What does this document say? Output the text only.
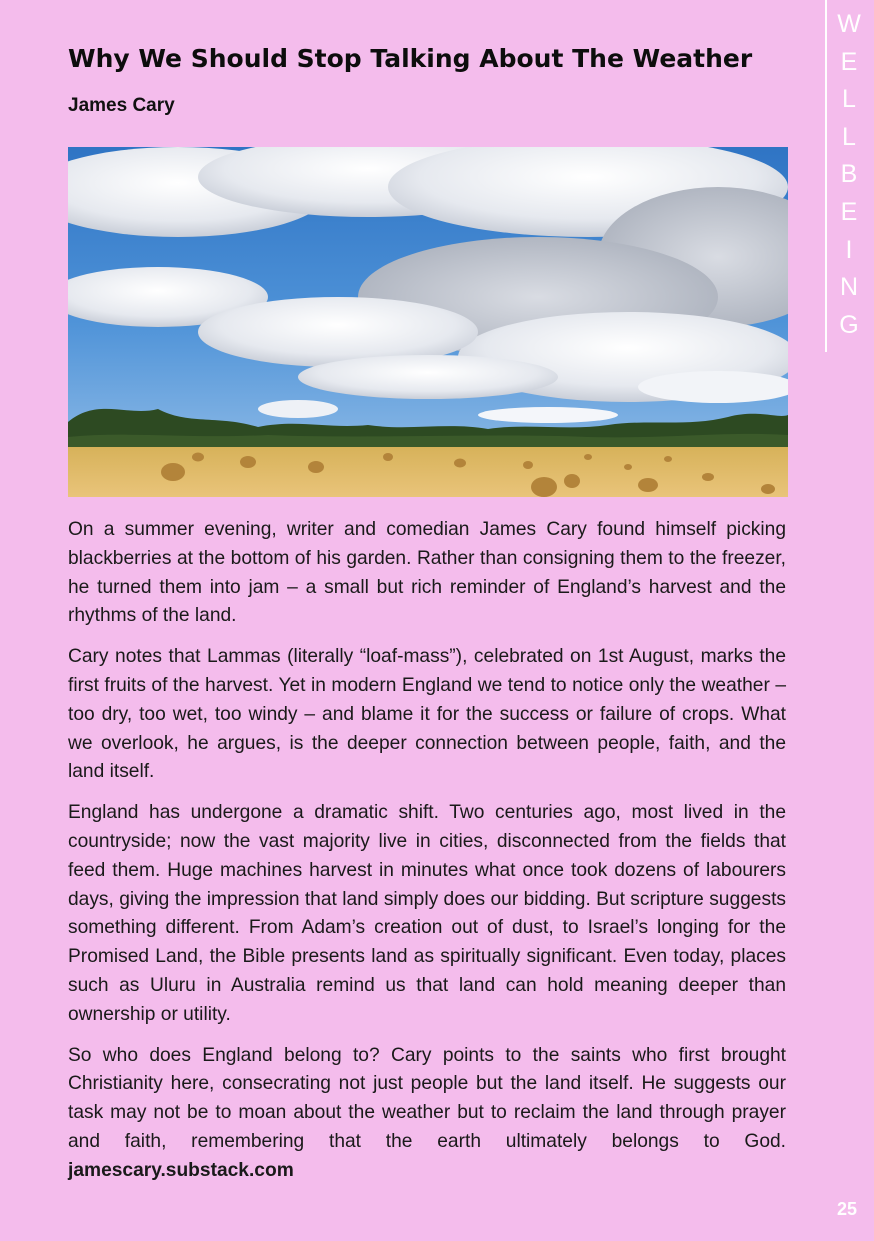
Why We Should Stop Talking About The Weather
James Cary

On a summer evening, writer and comedian James Cary found himself picking blackberries at the bottom of his garden. Rather than consigning them to the freezer, he turned them into jam – a small but rich reminder of England’s harvest and the rhythms of the land.

Cary notes that Lammas (literally “loaf-mass”), celebrated on 1st August, marks the first fruits of the harvest. Yet in modern England we tend to notice only the weather – too dry, too wet, too windy – and blame it for the success or failure of crops. What we overlook, he argues, is the deeper connection between people, faith, and the land itself.

England has undergone a dramatic shift. Two centuries ago, most lived in the countryside; now the vast majority live in cities, disconnected from the fields that feed them. Huge machines harvest in minutes what once took dozens of labourers days, giving the impression that land simply does our bidding. But scripture suggests something different. From Adam’s creation out of dust, to Israel’s longing for the Promised Land, the Bible presents land as spiritually significant. Even today, places such as Uluru in Australia remind us that land can hold meaning deeper than ownership or utility.

So who does England belong to? Cary points to the saints who first brought Christianity here, consecrating not just people but the land itself. He suggests our task may not be to moan about the weather but to reclaim the land through prayer and faith, remembering that the earth ultimately belongs to God. jamescary.substack.com

W
E
L
L
B
E
I
N
G
25
